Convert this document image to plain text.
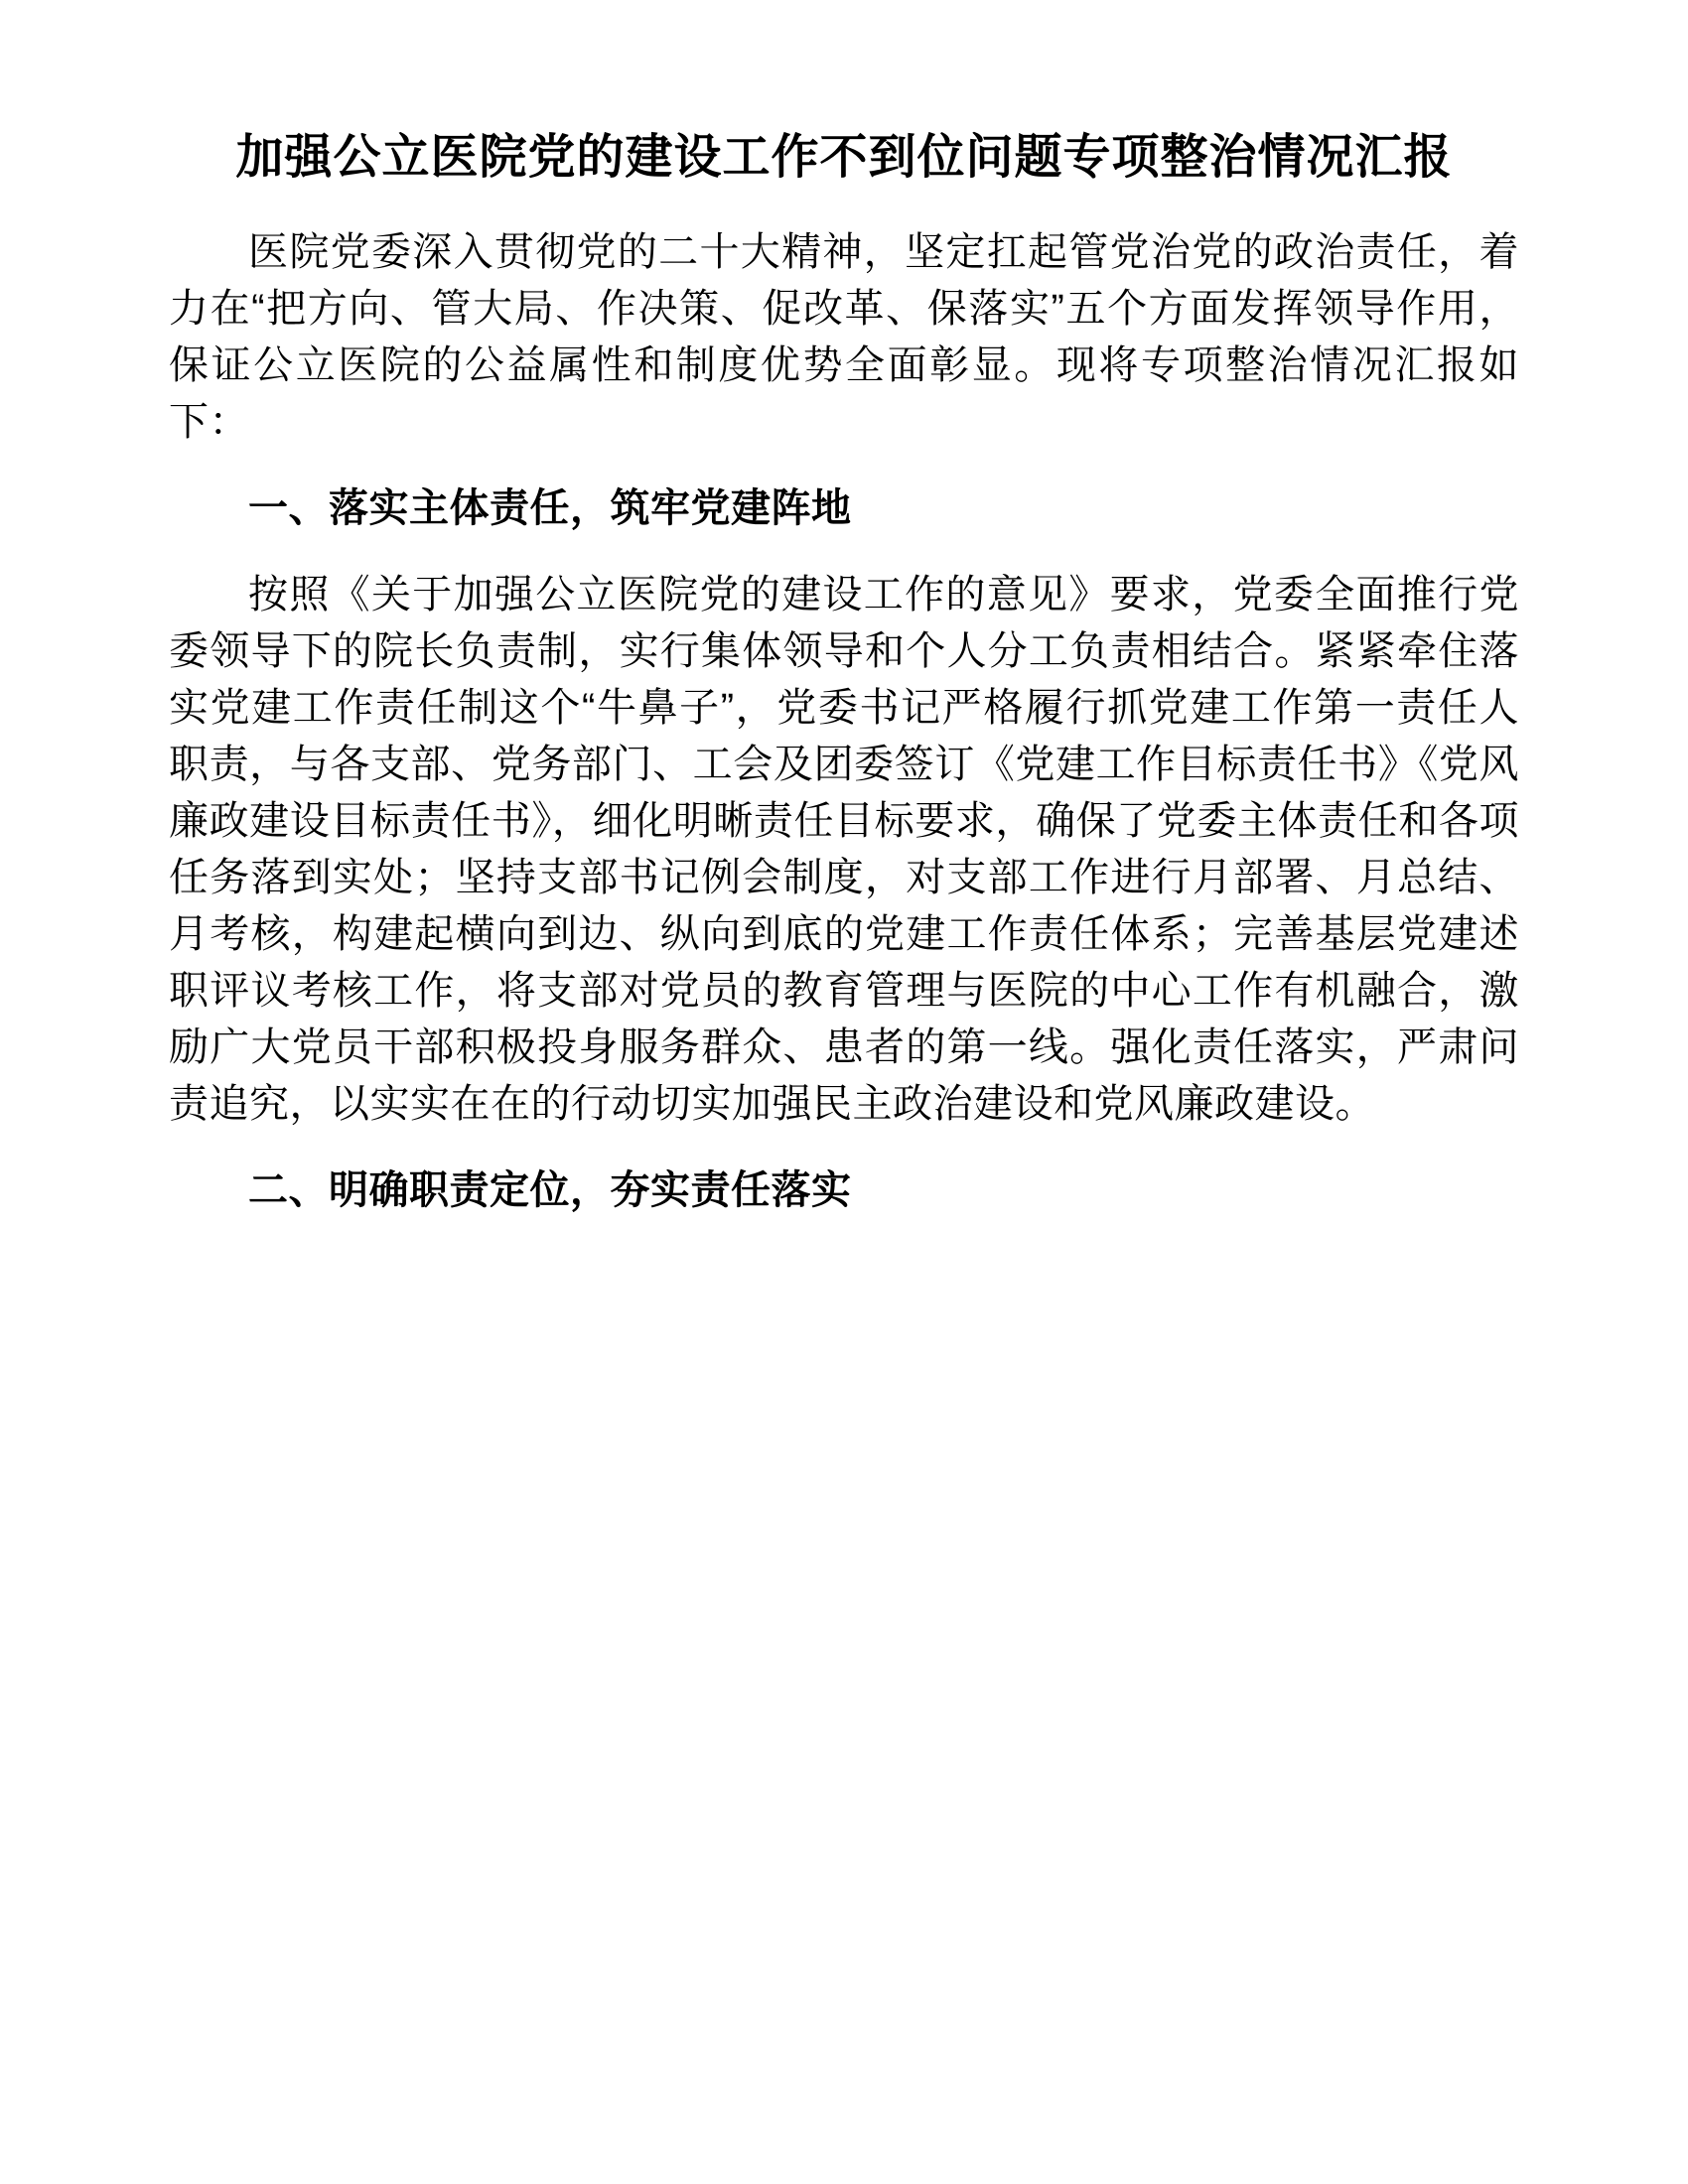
加强公立医院党的建设工作不到位问题专项整治情况汇报

医院党委深入贯彻党的二十大精神，坚定扛起管党治党的政治责任，着力在“把方向、管大局、作决策、促改革、保落实”五个方面发挥领导作用，保证公立医院的公益属性和制度优势全面彰显。现将专项整治情况汇报如下：

一、落实主体责任，筑牢党建阵地

按照《关于加强公立医院党的建设工作的意见》要求，党委全面推行党委领导下的院长负责制，实行集体领导和个人分工负责相结合。紧紧牵住落实党建工作责任制这个“牛鼻子”，党委书记严格履行抓党建工作第一责任人职责，与各支部、党务部门、工会及团委签订《党建工作目标责任书》《党风廉政建设目标责任书》，细化明晰责任目标要求，确保了党委主体责任和各项任务落到实处；坚持支部书记例会制度，对支部工作进行月部署、月总结、月考核，构建起横向到边、纵向到底的党建工作责任体系；完善基层党建述职评议考核工作，将支部对党员的教育管理与医院的中心工作有机融合，激励广大党员干部积极投身服务群众、患者的第一线。强化责任落实，严肃问责追究，以实实在在的行动切实加强民主政治建设和党风廉政建设。

二、明确职责定位，夯实责任落实
